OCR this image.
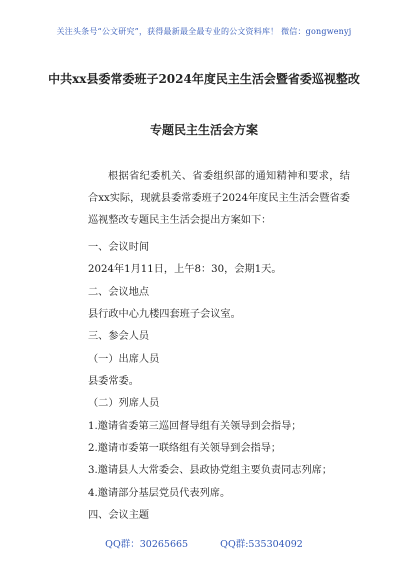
关注头条号“公文研究”，获得最新最全最专业的公文资料库！ 微信：gongwenyj
中共xx县委常委班子2024年度民主生活会暨省委巡视整改
专题民主生活会方案
根据省纪委机关、省委组织部的通知精神和要求，结合xx实际，现就县委常委班子2024年度民主生活会暨省委巡视整改专题民主生活会提出方案如下：
一、会议时间
2024年1月11日，上午8：30，会期1天。
二、会议地点
县行政中心九楼四套班子会议室。
三、参会人员
（一）出席人员
县委常委。
（二）列席人员
1.邀请省委第三巡回督导组有关领导到会指导；
2.邀请市委第一联络组有关领导到会指导；
3.邀请县人大常委会、县政协党组主要负责同志列席；
4.邀请部分基层党员代表列席。
四、会议主题
QQ群：30265665	QQ群:535304092
